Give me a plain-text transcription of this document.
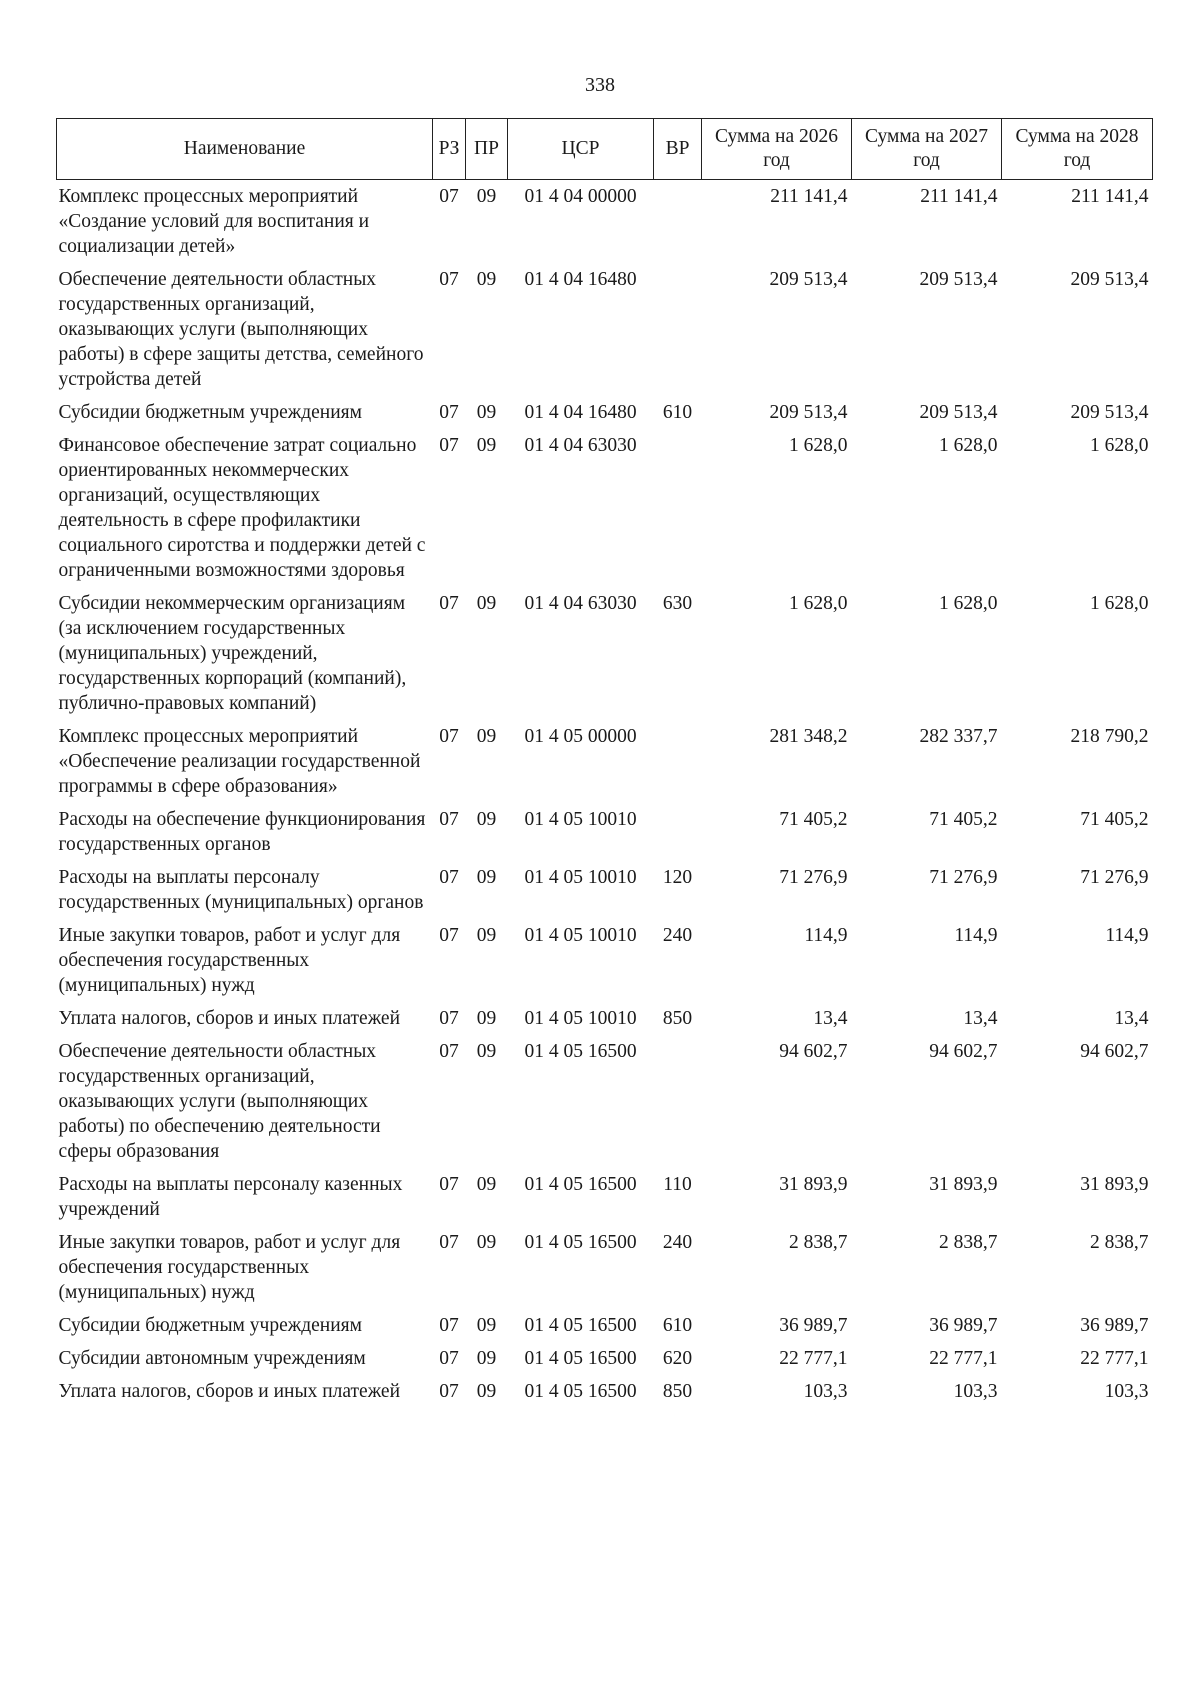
338
Наименование	РЗ	ПР	ЦСР	ВР	Сумма на 2026 год	Сумма на 2027 год	Сумма на 2028 год
Комплекс процессных мероприятий «Создание условий для воспитания и социализации детей»	07	09	01 4 04 00000		211 141,4	211 141,4	211 141,4
Обеспечение деятельности областных государственных организаций, оказывающих услуги (выполняющих работы) в сфере защиты детства, семейного устройства детей	07	09	01 4 04 16480		209 513,4	209 513,4	209 513,4
Субсидии бюджетным учреждениям	07	09	01 4 04 16480	610	209 513,4	209 513,4	209 513,4
Финансовое обеспечение затрат социально ориентированных некоммерческих организаций, осуществляющих деятельность в сфере профилактики социального сиротства и поддержки детей с ограниченными возможностями здоровья	07	09	01 4 04 63030		1 628,0	1 628,0	1 628,0
Субсидии некоммерческим организациям (за исключением государственных (муниципальных) учреждений, государственных корпораций (компаний), публично-правовых компаний)	07	09	01 4 04 63030	630	1 628,0	1 628,0	1 628,0
Комплекс процессных мероприятий «Обеспечение реализации государственной программы в сфере образования»	07	09	01 4 05 00000		281 348,2	282 337,7	218 790,2
Расходы на обеспечение функционирования государственных органов	07	09	01 4 05 10010		71 405,2	71 405,2	71 405,2
Расходы на выплаты персоналу государственных (муниципальных) органов	07	09	01 4 05 10010	120	71 276,9	71 276,9	71 276,9
Иные закупки товаров, работ и услуг для обеспечения государственных (муниципальных) нужд	07	09	01 4 05 10010	240	114,9	114,9	114,9
Уплата налогов, сборов и иных платежей	07	09	01 4 05 10010	850	13,4	13,4	13,4
Обеспечение деятельности областных государственных организаций, оказывающих услуги (выполняющих работы) по обеспечению деятельности сферы образования	07	09	01 4 05 16500		94 602,7	94 602,7	94 602,7
Расходы на выплаты персоналу казенных учреждений	07	09	01 4 05 16500	110	31 893,9	31 893,9	31 893,9
Иные закупки товаров, работ и услуг для обеспечения государственных (муниципальных) нужд	07	09	01 4 05 16500	240	2 838,7	2 838,7	2 838,7
Субсидии бюджетным учреждениям	07	09	01 4 05 16500	610	36 989,7	36 989,7	36 989,7
Субсидии автономным учреждениям	07	09	01 4 05 16500	620	22 777,1	22 777,1	22 777,1
Уплата налогов, сборов и иных платежей	07	09	01 4 05 16500	850	103,3	103,3	103,3
